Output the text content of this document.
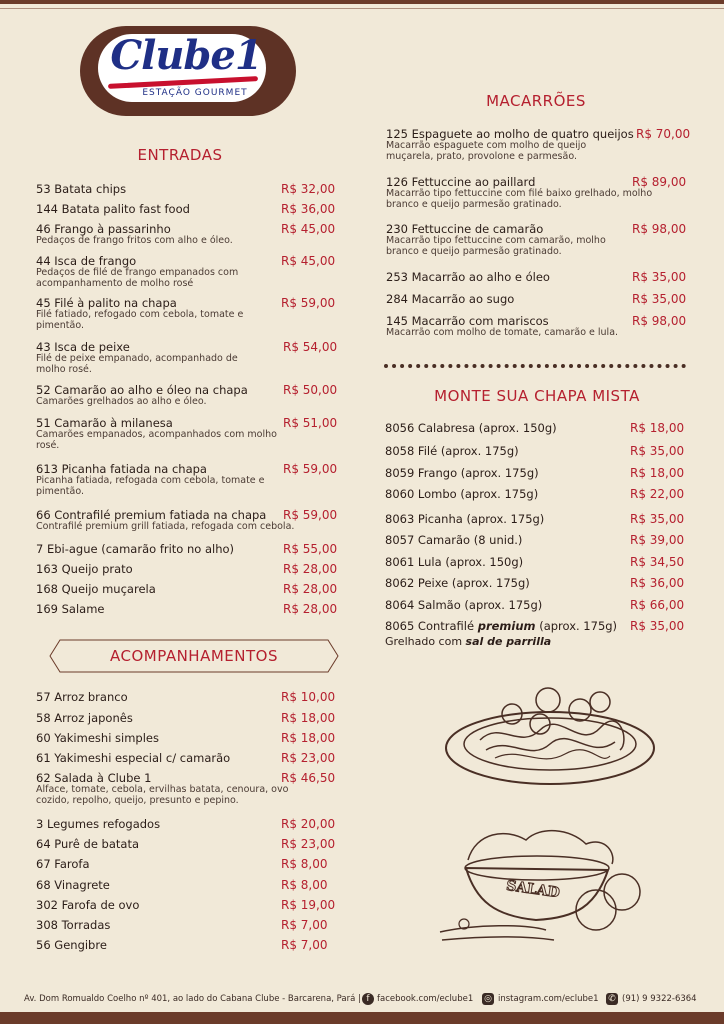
Clube1
ESTAÇÃO GOURMET
ENTRADAS
53 Batata chips	R$ 32,00
144 Batata palito fast food	R$ 36,00
46 Frango à passarinho	R$ 45,00
Pedaços de frango fritos com alho e óleo.
44 Isca de frango	R$ 45,00
Pedaços de filé de frango empanados com acompanhamento de molho rosé
45 Filé à palito na chapa	R$ 59,00
Filé fatiado, refogado com cebola, tomate e pimentão.
43 Isca de peixe	R$ 54,00
Filé de peixe empanado, acompanhado de molho rosé.
52 Camarão ao alho e óleo na chapa	R$ 50,00
Camarões grelhados ao alho e óleo.
51 Camarão à milanesa	R$ 51,00
Camarões empanados, acompanhados com molho rosé.
613 Picanha fatiada na chapa	R$ 59,00
Picanha fatiada, refogada com cebola, tomate e pimentão.
66 Contrafilé premium fatiada na chapa R$ 59,00
Contrafilé premium grill fatiada, refogada com cebola.
7 Ebi-ague (camarão frito no alho)	R$ 55,00
163 Queijo prato	R$ 28,00
168 Queijo muçarela	R$ 28,00
169 Salame	R$ 28,00
ACOMPANHAMENTOS
57 Arroz branco	R$ 10,00
58 Arroz japonês	R$ 18,00
60 Yakimeshi simples	R$ 18,00
61 Yakimeshi especial c/ camarão	R$ 23,00
62 Salada à Clube 1	R$ 46,50
Alface, tomate, cebola, ervilhas batata, cenoura, ovo cozido, repolho, queijo, presunto e pepino.
3 Legumes refogados	R$ 20,00
64 Purê de batata	R$ 23,00
67 Farofa	R$ 8,00
68 Vinagrete	R$ 8,00
302 Farofa de ovo	R$ 19,00
308 Torradas	R$ 7,00
56 Gengibre	R$ 7,00
MACARRÕES
125 Espaguete ao molho de quatro queijos R$ 70,00
Macarrão espaguete com molho de queijo muçarela, prato, provolone e parmesão.
126 Fettuccine ao paillard	R$ 89,00
Macarrão tipo fettuccine com filé baixo grelhado, molho branco e queijo parmesão gratinado.
230 Fettuccine de camarão	R$ 98,00
Macarrão tipo fettuccine com camarão, molho branco e queijo parmesão gratinado.
253 Macarrão ao alho e óleo	R$ 35,00
284 Macarrão ao sugo	R$ 35,00
145 Macarrão com mariscos	R$ 98,00
Macarrão com molho de tomate, camarão e lula.
MONTE SUA CHAPA MISTA
8056 Calabresa (aprox. 150g)	R$ 18,00
8058 Filé (aprox. 175g)	R$ 35,00
8059 Frango (aprox. 175g)	R$ 18,00
8060 Lombo (aprox. 175g)	R$ 22,00
8063 Picanha (aprox. 175g)	R$ 35,00
8057 Camarão (8 unid.)	R$ 39,00
8061 Lula (aprox. 150g)	R$ 34,50
8062 Peixe (aprox. 175g)	R$ 36,00
8064 Salmão (aprox. 175g)	R$ 66,00
8065 Contrafilé premium (aprox. 175g) R$ 35,00
Grelhado com sal de parrilla
SALAD
Av. Dom Romualdo Coelho nº 401, ao lado do Cabana Clube - Barcarena, Pará | f facebook.com/eclube1 ◎ instagram.com/eclube1 ✆ (91) 9 9322-6364
